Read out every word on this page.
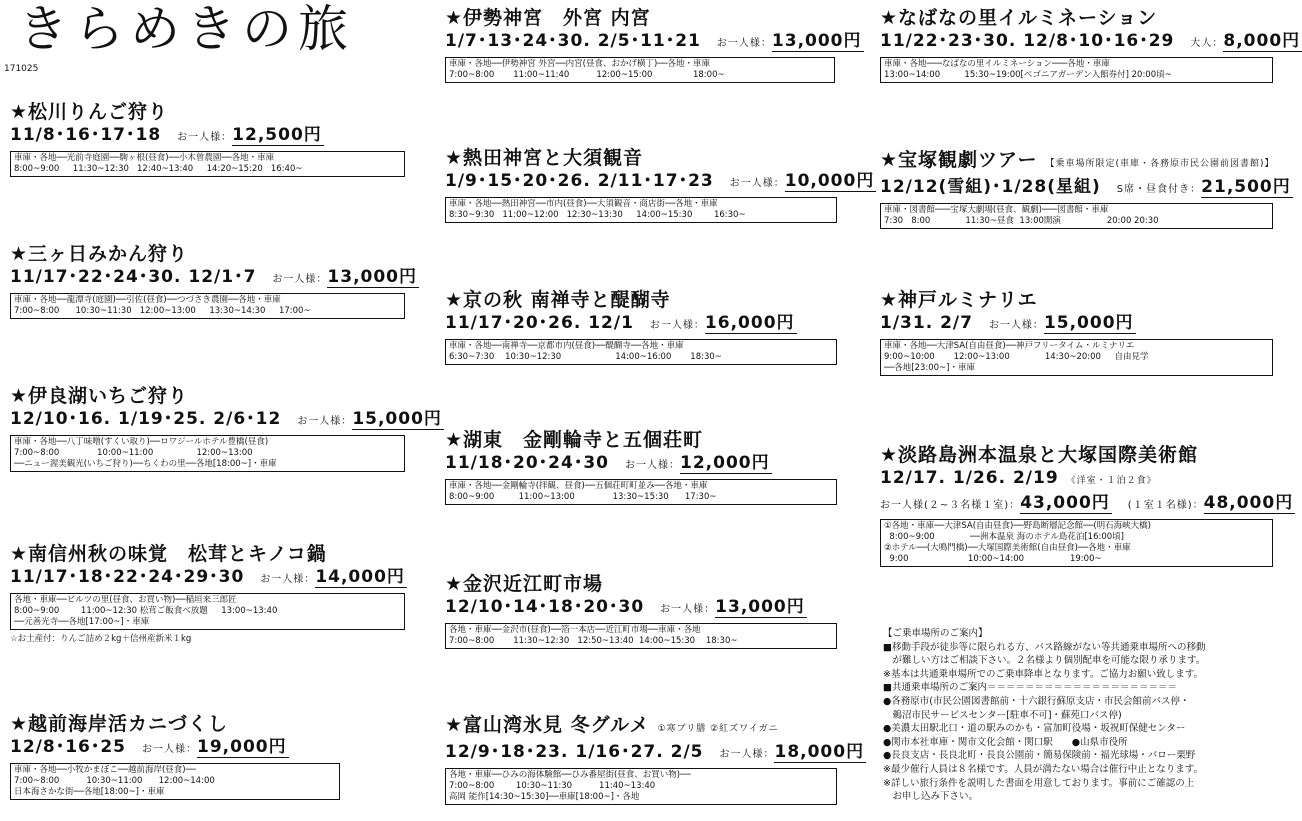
きらめきの旅
171025
★松川りんご狩り
11/8･16･17･18 お一人様：12,500円
車庫・各地──光前寺庭園──駒ヶ根(昼食)──小木曽農園──各地・車庫
8:00~9:00     11:30~12:30   12:40~13:40     14:20~15:20   16:40~
★三ヶ日みかん狩り
11/17･22･24･30. 12/1･7 お一人様：13,000円
車庫・各地──龍潭寺(庭園)──引佐(昼食)──つづさき農園──各地・車庫
7:00~8:00      10:30~11:30   12:00~13:00     13:30~14:30     17:00~
★伊良湖いちご狩り
12/10･16. 1/19･25. 2/6･12 お一人様：15,000円
車庫・各地──八丁味噌(すくい取り)──ロワジールホテル豊橋(昼食)
7:00~8:00              10:00~11:00                12:00~13:00
──ニュー渥美観光(いちご狩り)──ちくわの里──各地[18:00~]・車庫
★南信州秋の味覚　松茸とキノコ鍋
11/17･18･22･24･29･30 お一人様：14,000円
各地・車庫──ビルツの里(昼食、お買い物)──稲垣来三郎匠
8:00~9:00        11:00~12:30 松茸ご飯食べ放題     13:00~13:40
──元善光寺──各地[17:00~]・車庫
☆お土産付：りんご詰め２kg＋信州産新米１kg
★越前海岸活カニづくし
12/8･16･25 お一人様：19,000円
車庫・各地──小牧かまぼこ──越前海岸(昼食)──
7:00~8:00          10:30~11:00      12:00~14:00
日本海さかな街──各地[18:00~]・車庫
★伊勢神宮　外宮 内宮
1/7･13･24･30. 2/5･11･21 お一人様：13,000円
車庫・各地──伊勢神宮 外宮──内宮(昼食、おかげ横丁)──各地・車庫
7:00~8:00       11:00~11:40          12:00~15:00               18:00~
★熱田神宮と大須観音
1/9･15･20･26. 2/11･17･23 お一人様：10,000円
車庫・各地──熱田神宮──市内(昼食)──大須観音・商店街──各地・車庫
8:30~9:30   11:00~12:00   12:30~13:30     14:00~15:30        16:30~
★京の秋 南禅寺と醍醐寺
11/17･20･26. 12/1 お一人様：16,000円
車庫・各地──南禅寺──京都市内(昼食)──醍醐寺──各地・車庫
6:30~7:30    10:30~12:30                    14:00~16:00       18:30~
★湖東　金剛輪寺と五個荘町
11/18･20･24･30 お一人様：12,000円
車庫・各地──金剛輪寺(拝観、昼食)──五個荘町町並み──各地・車庫
8:00~9:00         11:00~13:00              13:30~15:30      17:30~
★金沢近江町市場
12/10･14･18･20･30 お一人様：13,000円
各地・車庫──金沢市(昼食)──箔一本店──近江町市場──車庫・各地
7:00~8:00       11:30~12:30   12:50~13:40  14:00~15:30    18:30~
★富山湾氷見 冬グルメ ①寒ブリ膳 ②紅ズワイガニ
12/9･18･23. 1/16･27. 2/5 お一人様：18,000円
各地・車庫──ひみの海体験館──ひみ番屋街(昼食、お買い物)──
7:00~8:00        10:30~11:30          11:40~13:40
高岡 能作[14:30~15:30]──車庫[18:00~]・各地
★なばなの里イルミネーション
11/22･23･30. 12/8･10･16･29 大人：8,000円
車庫・各地───なばなの里イルミネーション───各地・車庫
13:00~14:00         15:30~19:00[ベゴニアガーデン入館券付] 20:00頃~
★宝塚観劇ツアー 【乗車場所限定(車庫・各務原市民公園前図書館)】
12/12(雪組)･1/28(星組) S席・昼食付き：21,500円
車庫・図書館───宝塚大劇場(昼食、観劇)───図書館・車庫
7:30   8:00             11:30~昼食  13:00開演                 20:00 20:30
★神戸ルミナリエ
1/31. 2/7 お一人様：15,000円
車庫・各地──大津SA(自由昼食)──神戸フリータイム・ルミナリエ
9:00~10:00       12:00~13:00             14:30~20:00     自由見学
──各地[23:00~]・車庫
★淡路島洲本温泉と大塚国際美術館
12/17. 1/26. 2/19 《洋室・１泊２食》
お一人様(２~３名様１室)：43,000円 (１室１名様)：48,000円
①各地・車庫──大津SA(自由昼食)──野島断層記念館──(明石海峡大橋)
8:00~9:00             ──洲本温泉 海のホテル島花泊[16:00頃]
②ホテル──(大鳴門橋)──大塚国際美術館(自由昼食)──各地・車庫
9:00                      10:00~14:00                 19:00~
【ご乗車場所のご案内】
■移動手段が徒歩等に限られる方、バス路線がない等共通乗車場所への移動
　が難しい方はご相談下さい。２名様より個別配車を可能な限り承ります。
※基本は共通乗車場所でのご乗車降車となります。ご協力お願い致します。
■共通乗車場所のご案内＝＝＝＝＝＝＝＝＝＝＝＝＝＝＝＝＝＝＝＝
●各務原市(市民公園図書館前・十六銀行蘇原支店・市民会館前バス停・
　鵜沼市民サービスセンター[駐車不可]・蘇苑口バス停)
●美濃太田駅北口・道の駅みのかも・富加町役場・坂祝町保健センター
●関市本社車庫・関市文化会館・関口駅　　●山県市役所
●長良支店・長良北町・長良公園前・簡易保険前・福光球場・バロー栗野
※最少催行人員は８名様です。人員が満たない場合は催行中止となります。
※詳しい旅行条件を説明した書面を用意しております。事前にご確認の上
　お申し込み下さい。
